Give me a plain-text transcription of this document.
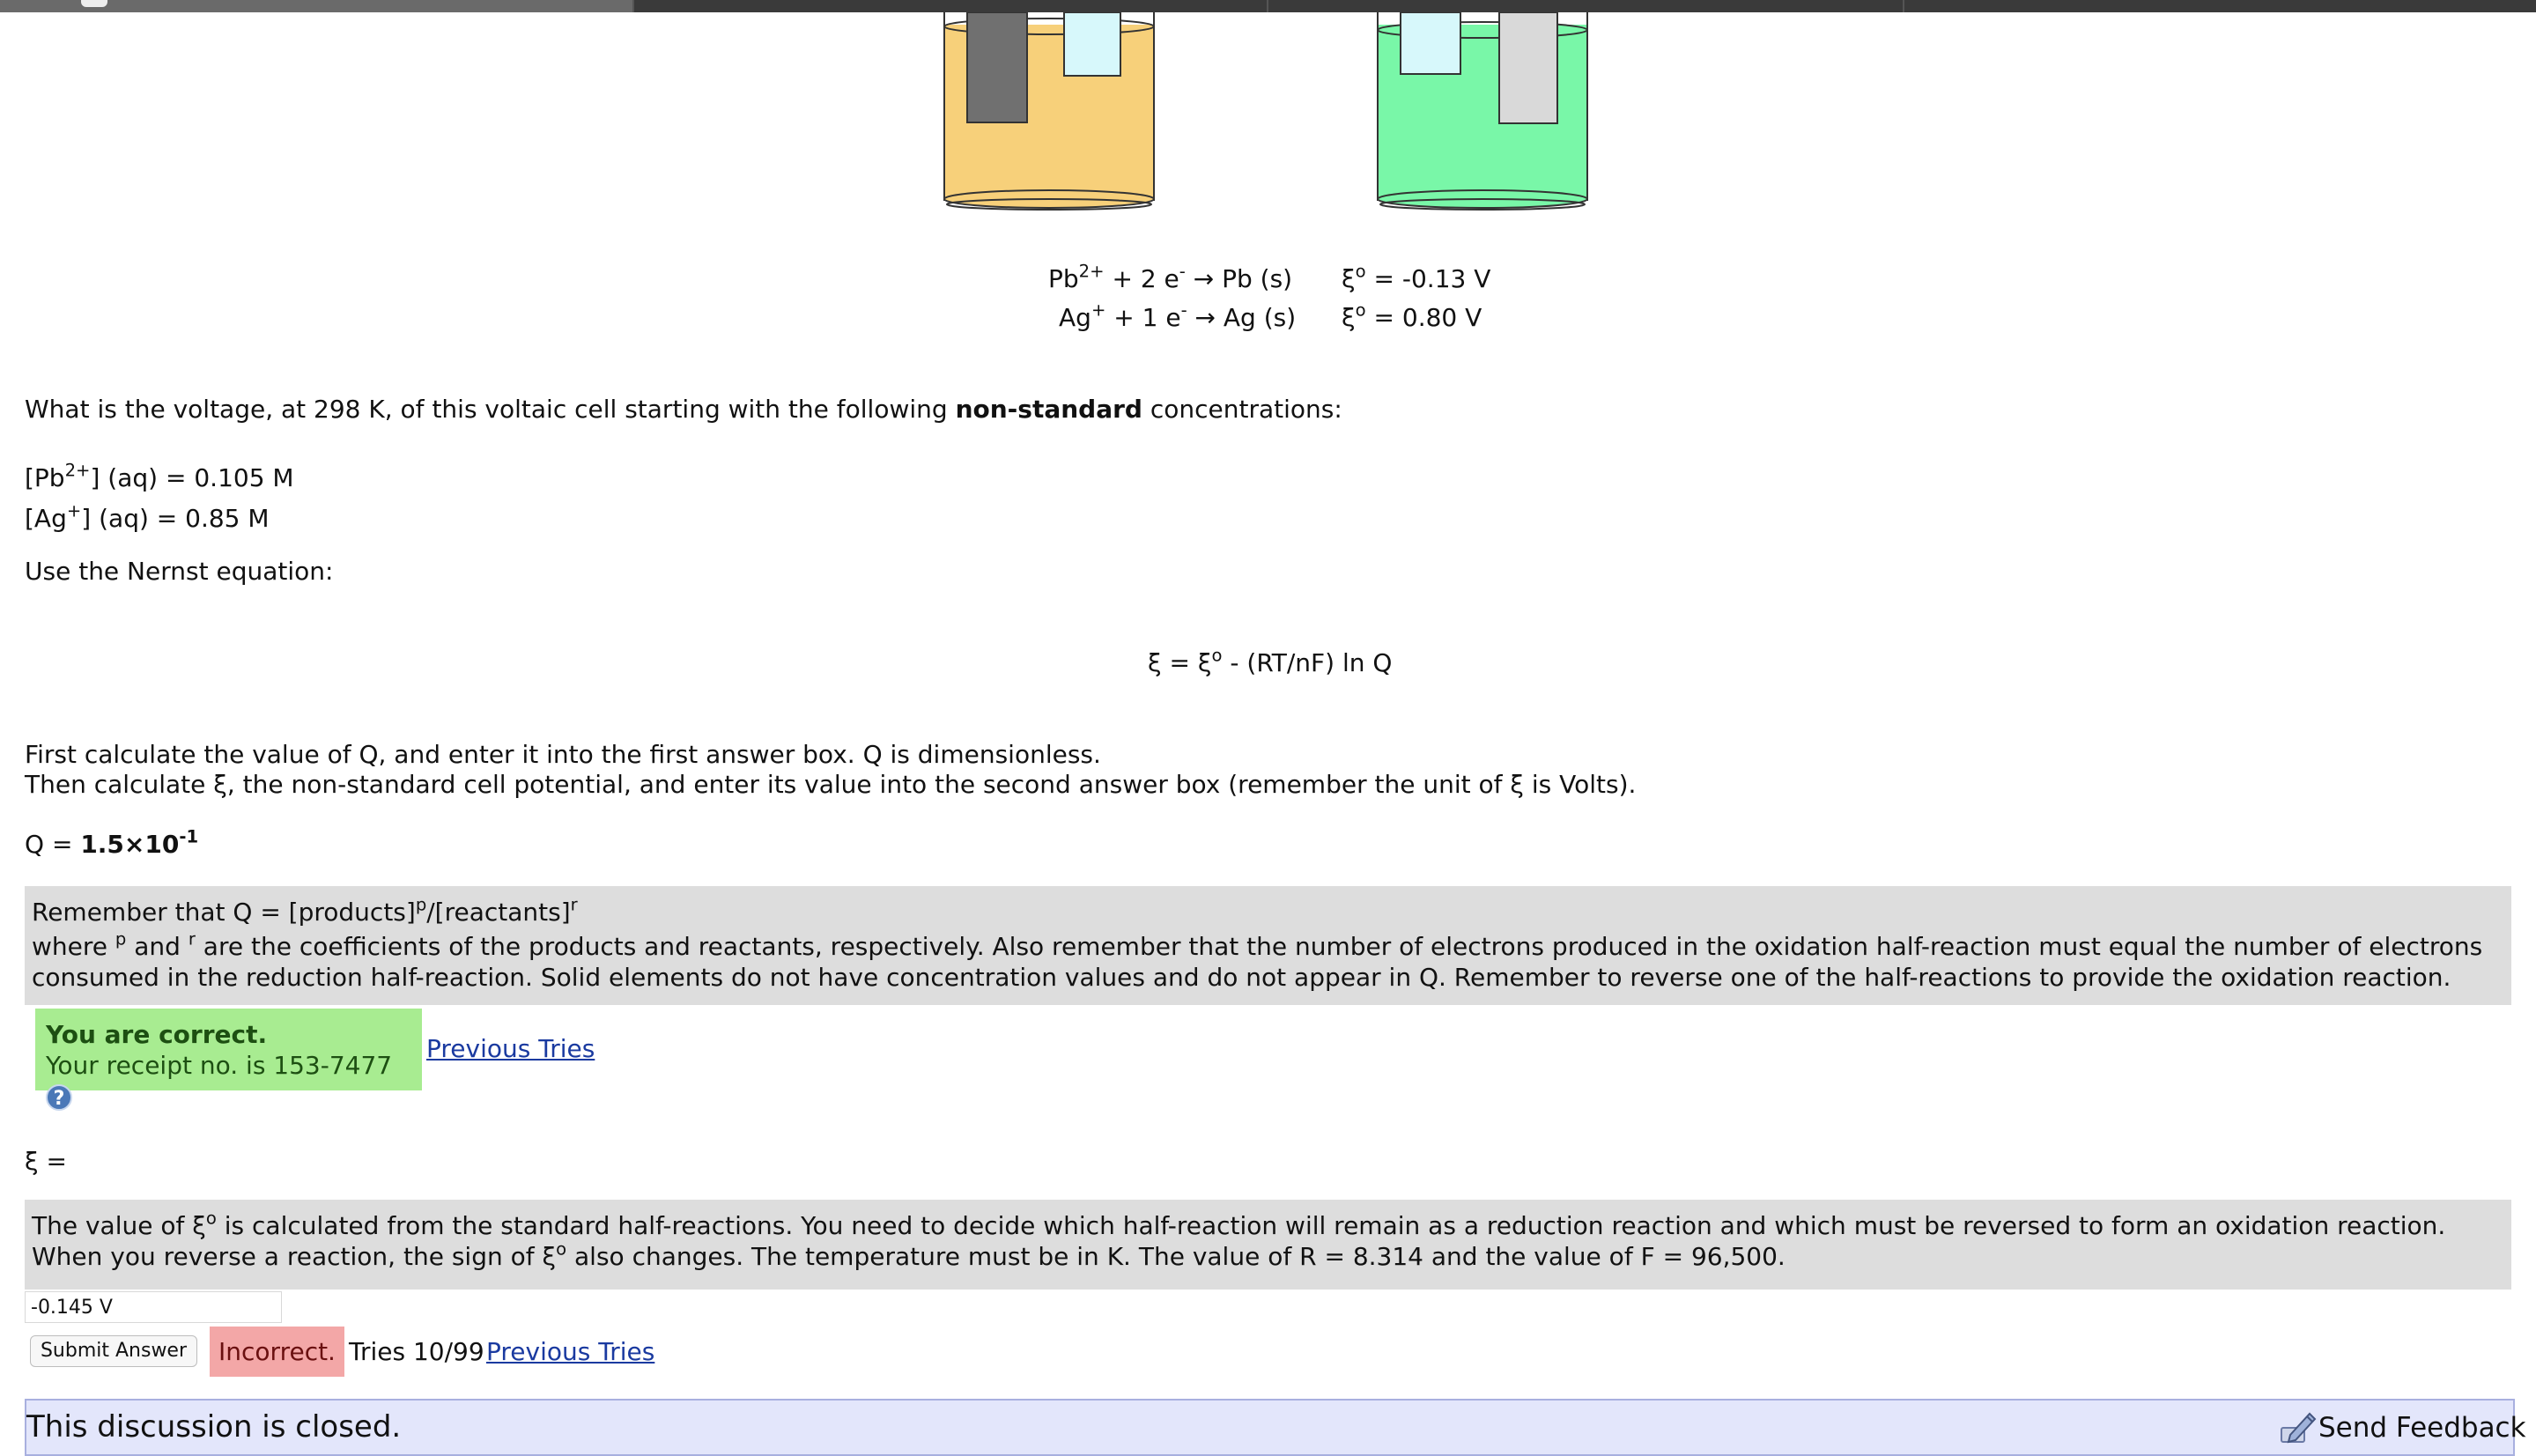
$Pb^{2+} + 2$ e- → Pb (s) $\xi^o = -0.13$ V
Ag+ + 1 e- → Ag (s) $\xi^o = 0.80$ V
What is the voltage, at 298 K, of this voltaic cell starting with the following non-standard concentrations:
$[Pb^{2+}] (aq) = 0.105$ M
[Ag+] (aq) = 0.85 M
Use the Nernst equation:
$\xi = \xi^o - (RT/nF)$ ln Q
First calculate the value of Q, and enter it into the first answer box. Q is dimensionless.
Then calculate ξ, the non-standard cell potential, and enter its value into the second answer box (remember the unit of ξ is Volts).
$Q = 1.5\times 10^{-1}$
Remember that Q = [products]$^p$/[reactants]$^r$
where $^p$ and $^r$ are the coefficients of the products and reactants, respectively. Also remember that the number of electrons produced in the oxidation half-reaction must equal the number of electrons consumed in the reduction half-reaction. Solid elements do not have concentration values and do not appear in Q. Remember to reverse one of the half-reactions to provide the oxidation reaction.
You are correct.
Your receipt no. is 153-7477 ?
Previous Tries
ξ =
The value of $\xi^o$ is calculated from the standard half-reactions. You need to decide which half-reaction will remain as a reduction reaction and which must be reversed to form an oxidation reaction. When you reverse a reaction, the sign of $\xi^o$ also changes. The temperature must be in K. The value of R = 8.314 and the value of F = 96,500.
-0.145 V
Submit Answer	Incorrect. Tries 10/99 Previous Tries
This discussion is closed.	Send Feedback
